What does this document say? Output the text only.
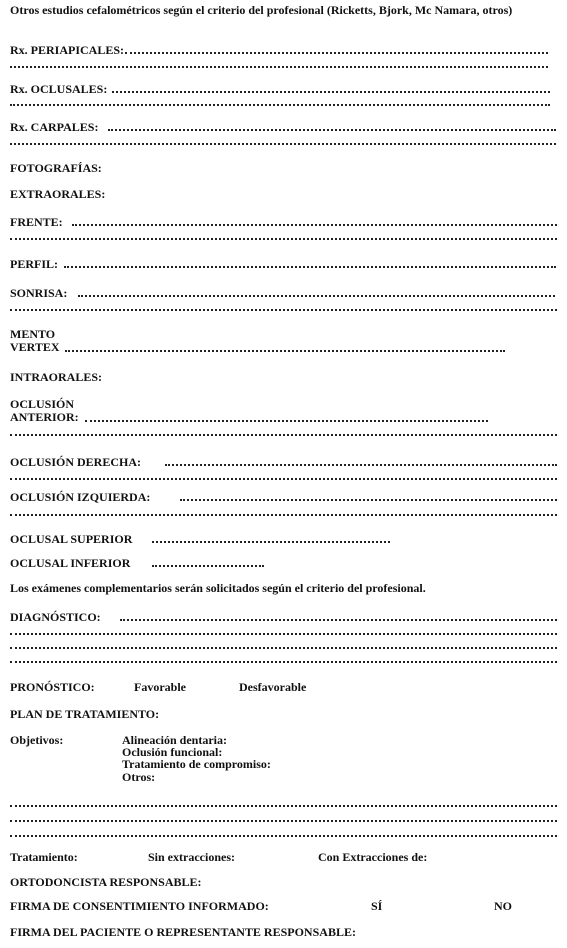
Otros estudios cefalométricos según el criterio del profesional (Ricketts, Bjork, Mc Namara, otros)
Rx. PERIAPICALES:
Rx. OCLUSALES:
Rx. CARPALES:
FOTOGRAFÍAS:
EXTRAORALES:
FRENTE:
PERFIL:
SONRISA:
MENTO
VERTEX
INTRAORALES:
OCLUSIÓN
ANTERIOR:
OCLUSIÓN DERECHA:
OCLUSIÓN IZQUIERDA:
OCLUSAL SUPERIOR
OCLUSAL INFERIOR
Los exámenes complementarios serán solicitados según el criterio del profesional.
DIAGNÓSTICO:
PRONÓSTICO:	Favorable	Desfavorable
PLAN DE TRATAMIENTO:
Objetivos:	Alineación dentaria:
Oclusión funcional:
Tratamiento de compromiso:
Otros:
Tratamiento:	Sin extracciones:	Con Extracciones de:
ORTODONCISTA RESPONSABLE:
FIRMA DE CONSENTIMIENTO INFORMADO:	SÍ	NO
FIRMA DEL PACIENTE O REPRESENTANTE RESPONSABLE:
